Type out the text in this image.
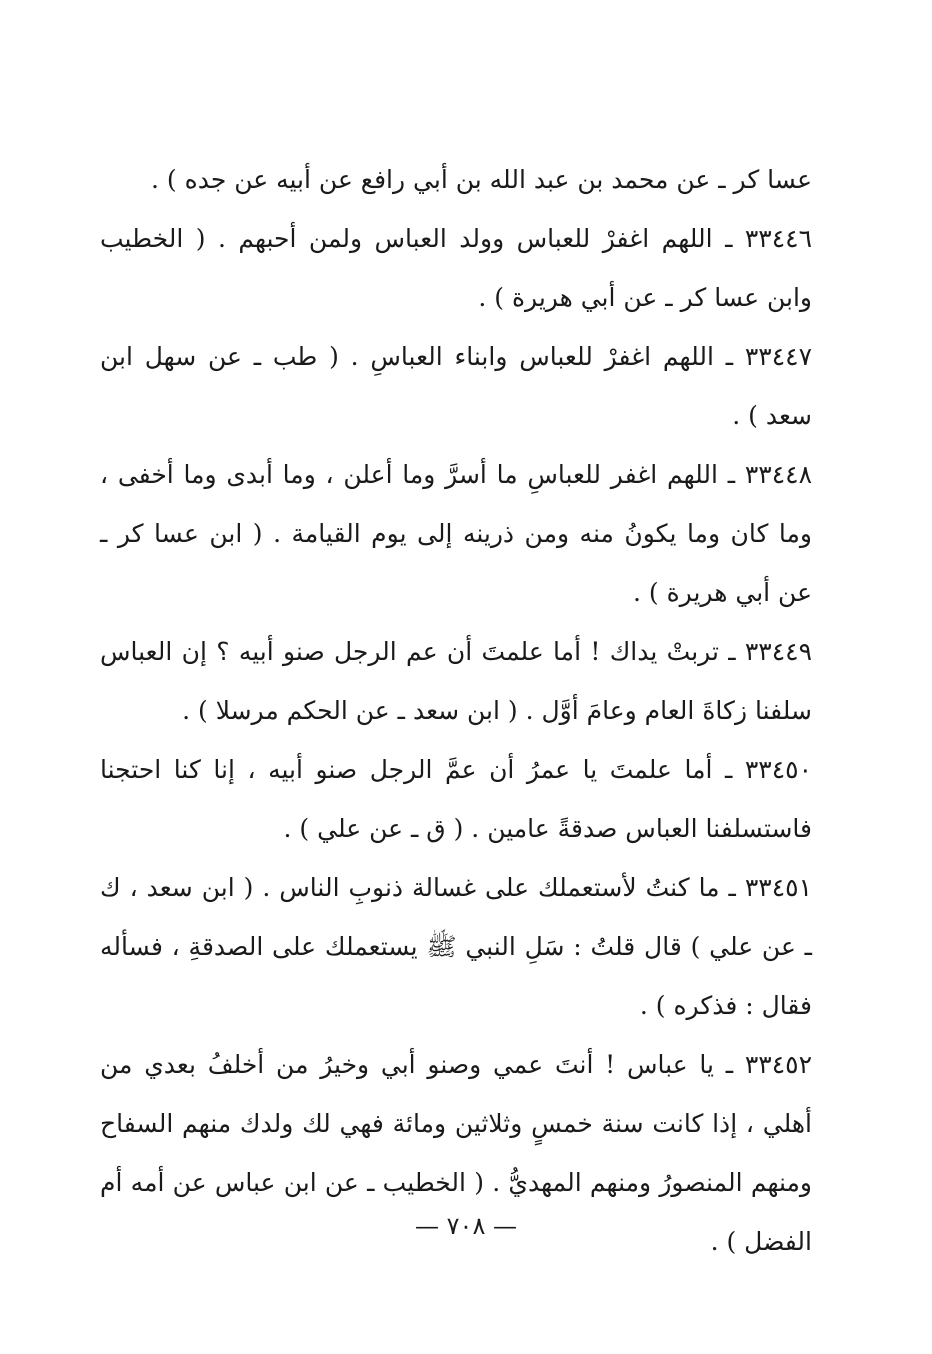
عسا كر ـ عن محمد بن عبد الله بن أبي رافع عن أبيه عن جده ) .

٣٣٤٤٦ ـ اللهم اغفرْ للعباس وولد العباس ولمن أحبهم . ( الخطيب وابن عسا كر ـ عن أبي هريرة ) .

٣٣٤٤٧ ـ اللهم اغفرْ للعباس وابناء العباسِ . ( طب ـ عن سهل ابن سعد ) .

٣٣٤٤٨ ـ اللهم اغفر للعباسِ ما أسرَّ وما أعلن ، وما أبدى وما أخفى ، وما كان وما يكونُ منه ومن ذرينه إلى يوم القيامة . ( ابن عسا كر ـ عن أبي هريرة ) .

٣٣٤٤٩ ـ تربتْ يداك ! أما علمتَ أن عم الرجل صنو أبيه ؟ إن العباس سلفنا زكاةَ العام وعامَ أوَّل . ( ابن سعد ـ عن الحكم مرسلا ) .

٣٣٤٥٠ ـ أما علمتَ يا عمرُ أن عمَّ الرجل صنو أبيه ، إنا كنا احتجنا فاستسلفنا العباس صدقةً عامين . ( ق ـ عن علي ) .

٣٣٤٥١ ـ ما كنتُ لأستعملك على غسالة ذنوبِ الناس . ( ابن سعد ، ك ـ عن علي ) قال قلتُ : سَلِ النبي ﷺ يستعملك على الصدقةِ ، فسأله فقال : فذكره ) .

٣٣٤٥٢ ـ يا عباس ! أنتَ عمي وصنو أبي وخيرُ من أخلفُ بعدي من أهلي ، إذا كانت سنة خمسٍ وثلاثين ومائة فهي لك ولدك منهم السفاح ومنهم المنصورُ ومنهم المهديُّ . ( الخطيب ـ عن ابن عباس عن أمه أم الفضل ) .

— ٧٠٨ —
